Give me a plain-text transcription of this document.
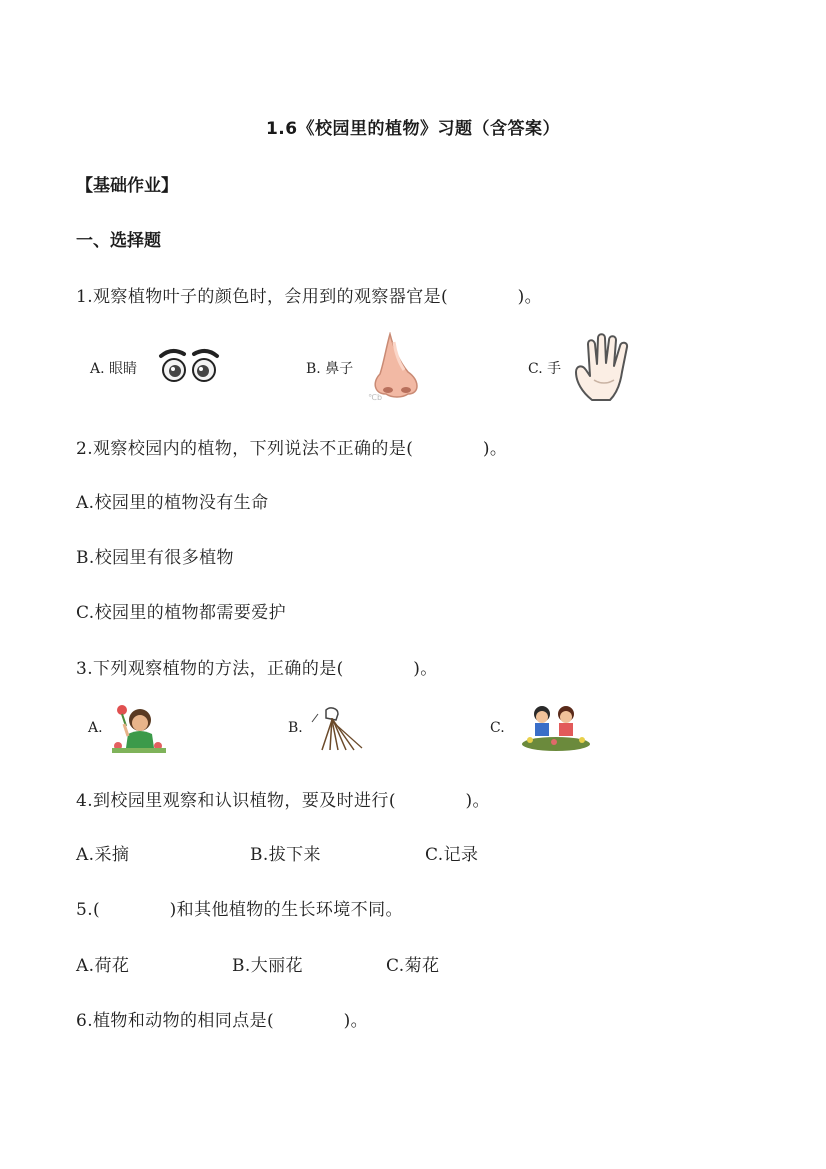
1.6《校园里的植物》习题（含答案）
【基础作业】
一、选择题
1.观察植物叶子的颜色时，会用到的观察器官是(　　　　)。
A. 眼睛	B. 鼻子
℃b
C. 手
2.观察校园内的植物，下列说法不正确的是(　　　　)。
A.校园里的植物没有生命
B.校园里有很多植物
C.校园里的植物都需要爱护
3.下列观察植物的方法，正确的是(　　　　)。
A.	B.	C.
4.到校园里观察和认识植物，要及时进行(　　　　)。
A.采摘	B.拔下来	C.记录
5.(　　　　)和其他植物的生长环境不同。
A.荷花	B.大丽花	C.菊花
6.植物和动物的相同点是(　　　　)。
